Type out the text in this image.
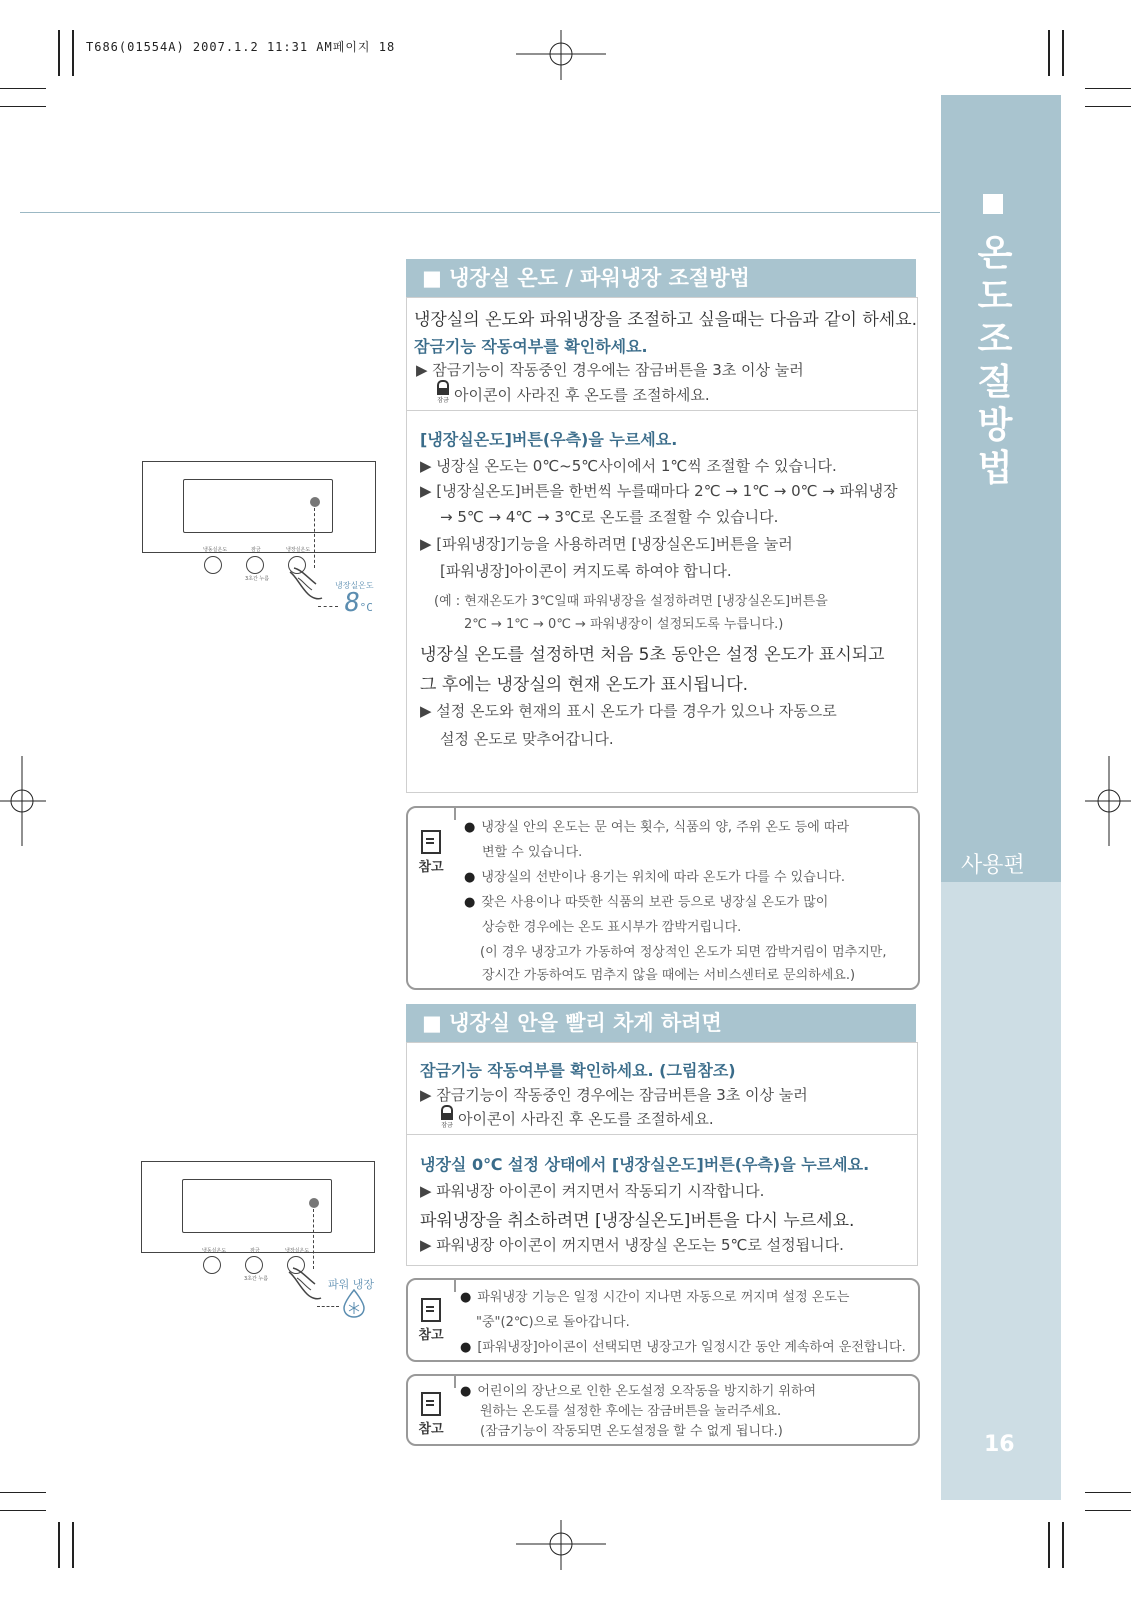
T686(01554A) 2007.1.2 11:31 AM페이지 18
온도 조절방법
사용편
16
■ 냉장실 온도 / 파워냉장 조절방법
냉장실의 온도와 파워냉장을 조절하고 싶을때는 다음과 같이 하세요.
잠금기능 작동여부를 확인하세요.
▶ 잠금기능이 작동중인 경우에는 잠금버튼을 3초 이상 눌러
잠금 아이콘이 사라진 후 온도를 조절하세요.
[냉장실온도]버튼(우측)을 누르세요.
▶ 냉장실 온도는 0℃~5℃사이에서 1℃씩 조절할 수 있습니다.
▶ [냉장실온도]버튼을 한번씩 누를때마다 2℃ → 1℃ → 0℃ → 파워냉장
→ 5℃ → 4℃ → 3℃로 온도를 조절할 수 있습니다.
▶ [파워냉장]기능을 사용하려면 [냉장실온도]버튼을 눌러
[파워냉장]아이콘이 켜지도록 하여야 합니다.
(예 : 현재온도가 3℃일때 파워냉장을 설정하려면 [냉장실온도]버튼을
2℃ → 1℃ → 0℃ → 파워냉장이 설정되도록 누릅니다.)
냉장실 온도를 설정하면 처음 5초 동안은 설정 온도가 표시되고
그 후에는 냉장실의 현재 온도가 표시됩니다.
▶ 설정 온도와 현재의 표시 온도가 다를 경우가 있으나 자동으로
설정 온도로 맞추어갑니다.
참고
● 냉장실 안의 온도는 문 여는 횟수, 식품의 양, 주위 온도 등에 따라
변할 수 있습니다.
● 냉장실의 선반이나 용기는 위치에 따라 온도가 다를 수 있습니다.
● 잦은 사용이나 따뜻한 식품의 보관 등으로 냉장실 온도가 많이
상승한 경우에는 온도 표시부가 깜박거립니다.
(이 경우 냉장고가 가동하여 정상적인 온도가 되면 깜박거림이 멈추지만,
장시간 가동하여도 멈추지 않을 때에는 서비스센터로 문의하세요.)
■ 냉장실 안을 빨리 차게 하려면
잠금기능 작동여부를 확인하세요. (그림참조)
▶ 잠금기능이 작동중인 경우에는 잠금버튼을 3초 이상 눌러
잠금 아이콘이 사라진 후 온도를 조절하세요.
냉장실 0℃ 설정 상태에서 [냉장실온도]버튼(우측)을 누르세요.
▶ 파워냉장 아이콘이 켜지면서 작동되기 시작합니다.
파워냉장을 취소하려면 [냉장실온도]버튼을 다시 누르세요.
▶ 파워냉장 아이콘이 꺼지면서 냉장실 온도는 5℃로 설정됩니다.
참고
● 파워냉장 기능은 일정 시간이 지나면 자동으로 꺼지며 설정 온도는
"중"(2℃)으로 돌아갑니다.
● [파워냉장]아이콘이 선택되면 냉장고가 일정시간 동안 계속하여 운전합니다.
참고
● 어린이의 장난으로 인한 온도설정 오작동을 방지하기 위하여
원하는 온도를 설정한 후에는 잠금버튼을 눌러주세요.
(잠금기능이 작동되면 온도설정을 할 수 없게 됩니다.)
냉동실온도	잠금	냉장실온도
3초간 누름
냉장실온도
8°C
냉동실온도	잠금	냉장실온도
3초간 누름	파워 냉장
